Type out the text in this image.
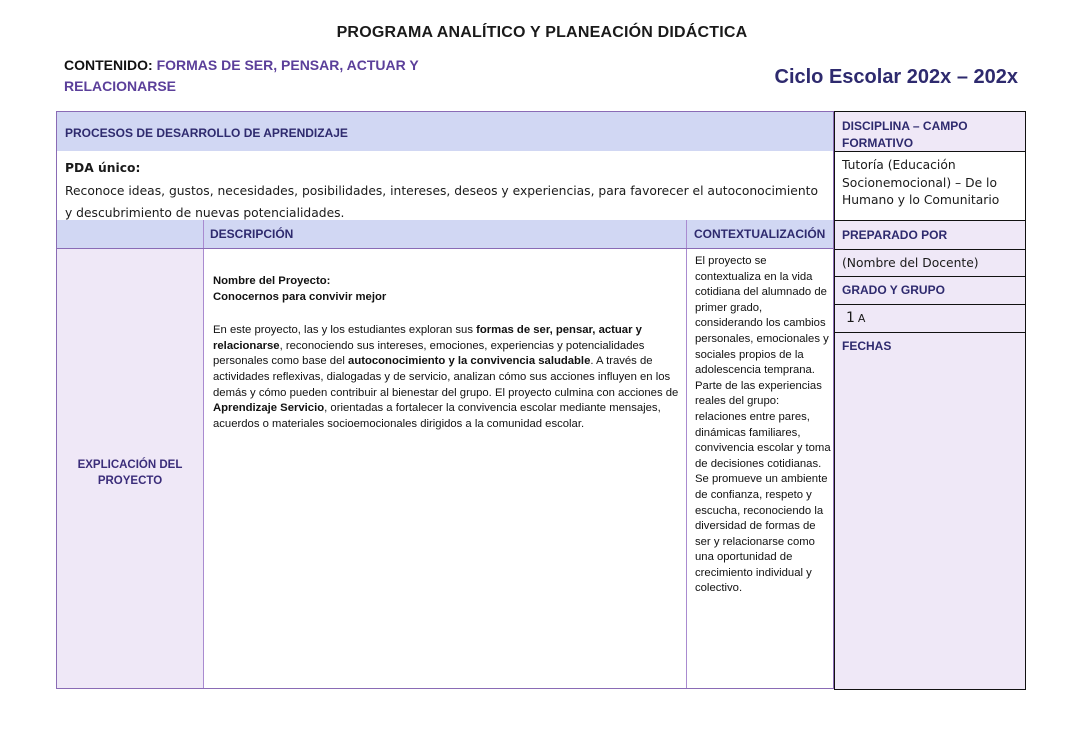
PROGRAMA ANALÍTICO Y PLANEACIÓN DIDÁCTICA
CONTENIDO: FORMAS DE SER, PENSAR, ACTUAR Y RELACIONARSE	Ciclo Escolar 202x – 202x
PROCESOS DE DESARROLLO DE APRENDIZAJE
PDA único:
Reconoce ideas, gustos, necesidades, posibilidades, intereses, deseos y experiencias, para favorecer el autoconocimiento y descubrimiento de nuevas potencialidades.
DESCRIPCIÓN	CONTEXTUALIZACIÓN
EXPLICACIÓN DEL PROYECTO

Nombre del Proyecto:

Conocernos para convivir mejor

En este proyecto, las y los estudiantes exploran sus formas de ser, pensar, actuar y relacionarse, reconociendo sus intereses, emociones, experiencias y potencialidades personales como base del autoconocimiento y la convivencia saludable. A través de actividades reflexivas, dialogadas y de servicio, analizan cómo sus acciones influyen en los demás y cómo pueden contribuir al bienestar del grupo. El proyecto culmina con acciones de Aprendizaje Servicio, orientadas a fortalecer la convivencia escolar mediante mensajes, acuerdos o materiales socioemocionales dirigidos a la comunidad escolar.

El proyecto se contextualiza en la vida cotidiana del alumnado de primer grado, considerando los cambios personales, emocionales y sociales propios de la adolescencia temprana. Parte de las experiencias reales del grupo: relaciones entre pares, dinámicas familiares, convivencia escolar y toma de decisiones cotidianas. Se promueve un ambiente de confianza, respeto y escucha, reconociendo la diversidad de formas de ser y relacionarse como una oportunidad de crecimiento individual y colectivo.
DISCIPLINA – CAMPO FORMATIVO
Tutoría (Educación Socionemocional) – De lo Humano y lo Comunitario
PREPARADO POR
(Nombre del Docente)
GRADO Y GRUPO
1 A
FECHAS
